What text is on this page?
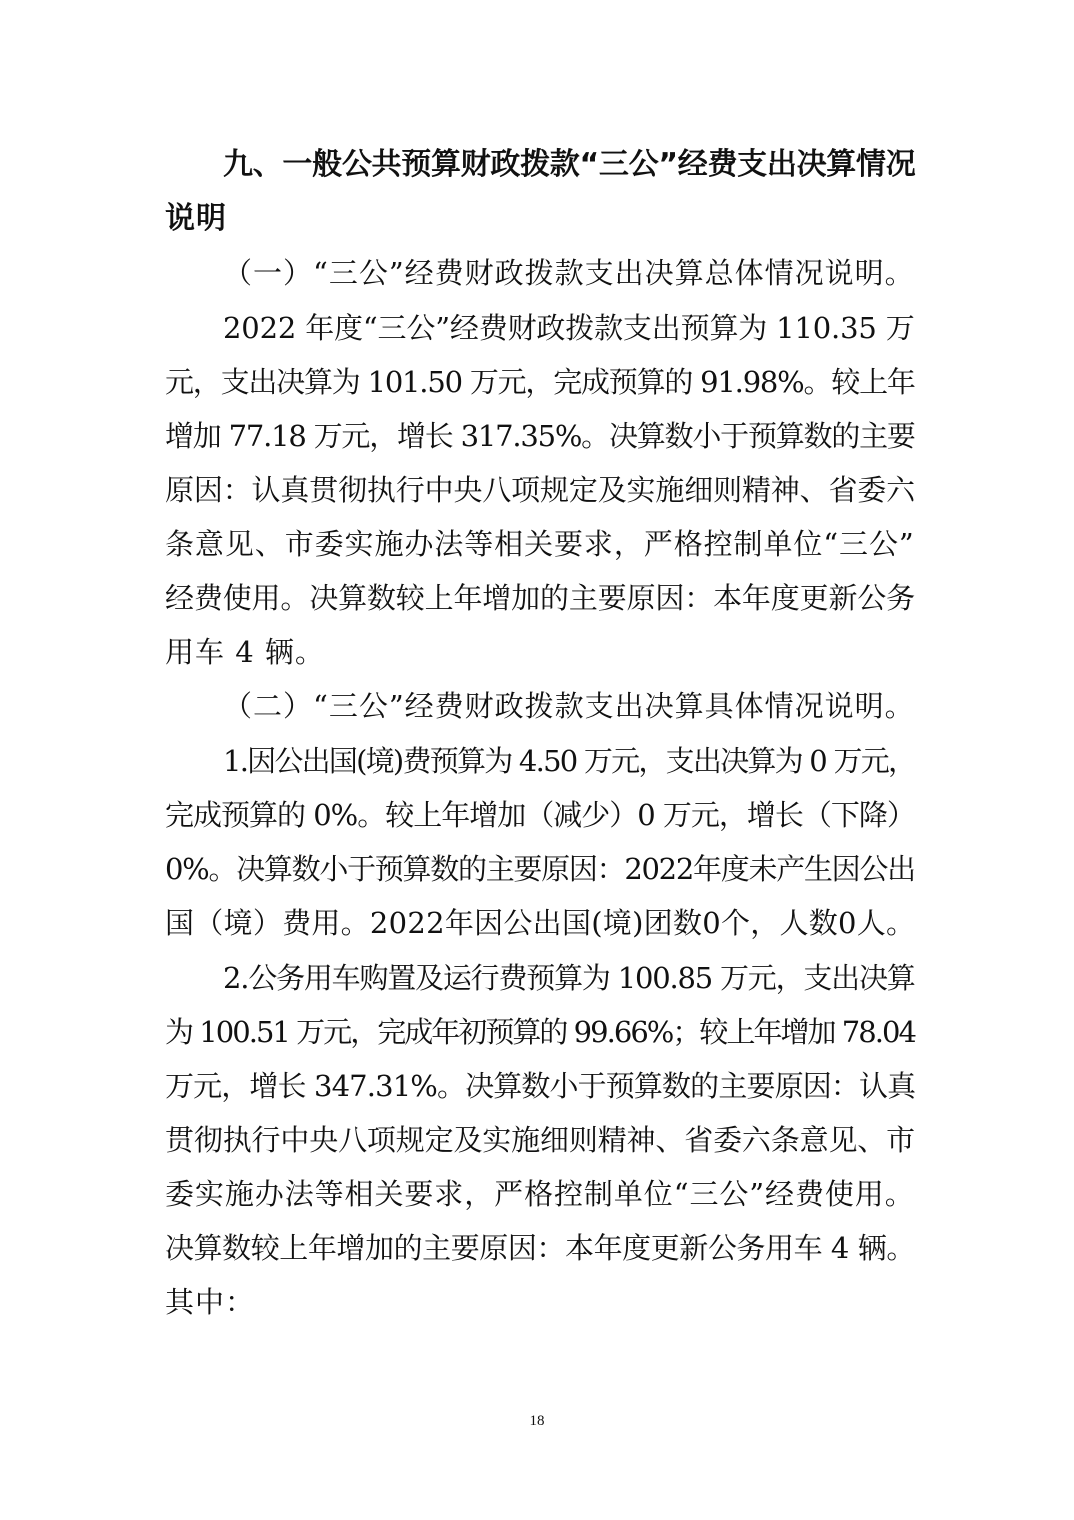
九、一般公共预算财政拨款“三公”经费支出决算情况
说明
（一）“三公”经费财政拨款支出决算总体情况说明。
2022 年度“三公”经费财政拨款支出预算为 110.35 万
元，支出决算为 101.50 万元，完成预算的 91.98%。较上年
增加 77.18 万元，增长 317.35%。决算数小于预算数的主要
原因：认真贯彻执行中央八项规定及实施细则精神、省委六
条意见、市委实施办法等相关要求，严格控制单位“三公”
经费使用。决算数较上年增加的主要原因：本年度更新公务
用车 4 辆。
（二）“三公”经费财政拨款支出决算具体情况说明。
1.因公出国(境)费预算为 4.50 万元，支出决算为 0 万元，
完成预算的 0%。较上年增加（减少）0 万元，增长（下降）
0%。决算数小于预算数的主要原因：2022年度未产生因公出
国（境）费用。2022年因公出国(境)团数0个，人数0人。
2.公务用车购置及运行费预算为 100.85 万元，支出决算
为 100.51 万元，完成年初预算的 99.66%；较上年增加 78.04
万元，增长 347.31%。决算数小于预算数的主要原因：认真
贯彻执行中央八项规定及实施细则精神、省委六条意见、市
委实施办法等相关要求，严格控制单位“三公”经费使用。
决算数较上年增加的主要原因：本年度更新公务用车 4 辆。
其中：
18
